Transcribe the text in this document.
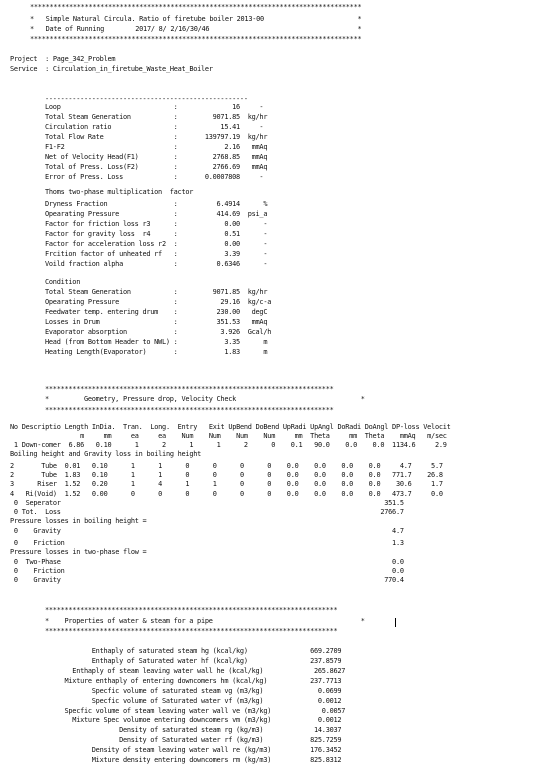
*************************************************************************************
*   Simple Natural Circula. Ratio of firetube boiler 2013-00                        *
*   Date of Running        2017/ 8/ 2/16/30/46                                      *
*************************************************************************************
Project  : Page_342_Problem
Service  : Circulation_in_firetube_Waste_Heat_Boiler
----------------------------------------------------
Loop                             :              16     -
Total Steam Generation           :         9071.85  kg/hr
Circulation ratio                :           15.41     -
Total Flow Rate                  :       139797.19  kg/hr
F1-F2                            :            2.16   mmAq
Net of Velocity Head(F1)         :         2768.85   mmAq
Total of Press. Loss(F2)         :         2766.69   mmAq
Error of Press. Loss             :       0.0007808     -
Thoms two-phase multiplication  factor
Dryness Fraction                 :          6.4914      %
Opearating Pressure              :          414.69  psi_a
Factor for friction loss r3      :            0.00      -
Factor for gravity loss  r4      :            0.51      -
Factor for acceleration loss r2  :            0.00      -
Frcition factor of unheated rf   :            3.39      -
Voild fraction alpha             :          0.6346      -
Condition
Total Steam Generation           :         9071.85  kg/hr
Opearating Pressure              :           29.16  kg/c-a
Feedwater temp. entering drum    :          230.00   degC
Losses in Drum                   :          351.53   mmAq
Evaporator absorption            :           3.926  Gcal/h
Head (from Bottom Header to NWL) :            3.35      m
Heating Length(Evaporator)       :            1.83      m
**************************************************************************
*         Geometry, Pressure drop, Velocity Check                                *
**************************************************************************
No Descriptio Length InDia.  Tran.  Long.  Entry   Exit UpBend DoBend UpRadi UpAngl DoRadi DoAngl DP-loss Velocit
m     mm     ea     ea    Num    Num    Num    Num     mm  Theta     mm  Theta    mmAq   m/sec
1 Down-comer  6.86   0.10      1      2      1      1      2      0    0.1   90.0    0.0    0.0  1134.6     2.9
Boiling height and Gravity loss in boiling height
2       Tube  0.01   0.10      1      1      0      0      0      0    0.0    0.0    0.0    0.0     4.7     5.7
2       Tube  1.83   0.10      1      1      0      0      0      0    0.0    0.0    0.0    0.0   771.7    26.8
3      Riser  1.52   0.20      1      4      1      1      0      0    0.0    0.0    0.0    0.0    30.6     1.7
4   Ri(Void)  1.52   0.00      0      0      0      0      0      0    0.0    0.0    0.0    0.0   473.7     0.0
0  Seperator                                                                                   351.5
0 Tot.  Loss                                                                                  2766.7
Pressure losses in boiling height =
0    Gravity                                                                                     4.7
0    Friction                                                                                    1.3
Pressure losses in two-phase flow =
0  Two-Phase                                                                                     0.0
0    Friction                                                                                    0.0
0    Gravity                                                                                   770.4
***************************************************************************
*    Properties of water & steam for a pipe                                      *
***************************************************************************
Enthaply of saturated steam hg (kcal/kg)                669.2709
Enthaply of Saturated water hf (kcal/kg)                237.8579
Enthaply of steam leaving water wall he (kcal/kg)             265.8627
Mixture enthaply of entering downcomers hm (kcal/kg)           237.7713
Specfic volume of saturated steam vg (m3/kg)              0.0699
Specfic volume of Saturated water vf (m3/kg)              0.0012
Specfic volume of steam leaving water wall ve (m3/kg)             0.0057
Mixture Spec volumoe entering downcomers vm (m3/kg)            0.0012
Density of saturated steam rg (kg/m3)             14.3037
Density of Saturated water rf (kg/m3)            825.7259
Density of steam leaving water wall re (kg/m3)          176.3452
Mixture density entering downcomers rm (kg/m3)          825.8312
